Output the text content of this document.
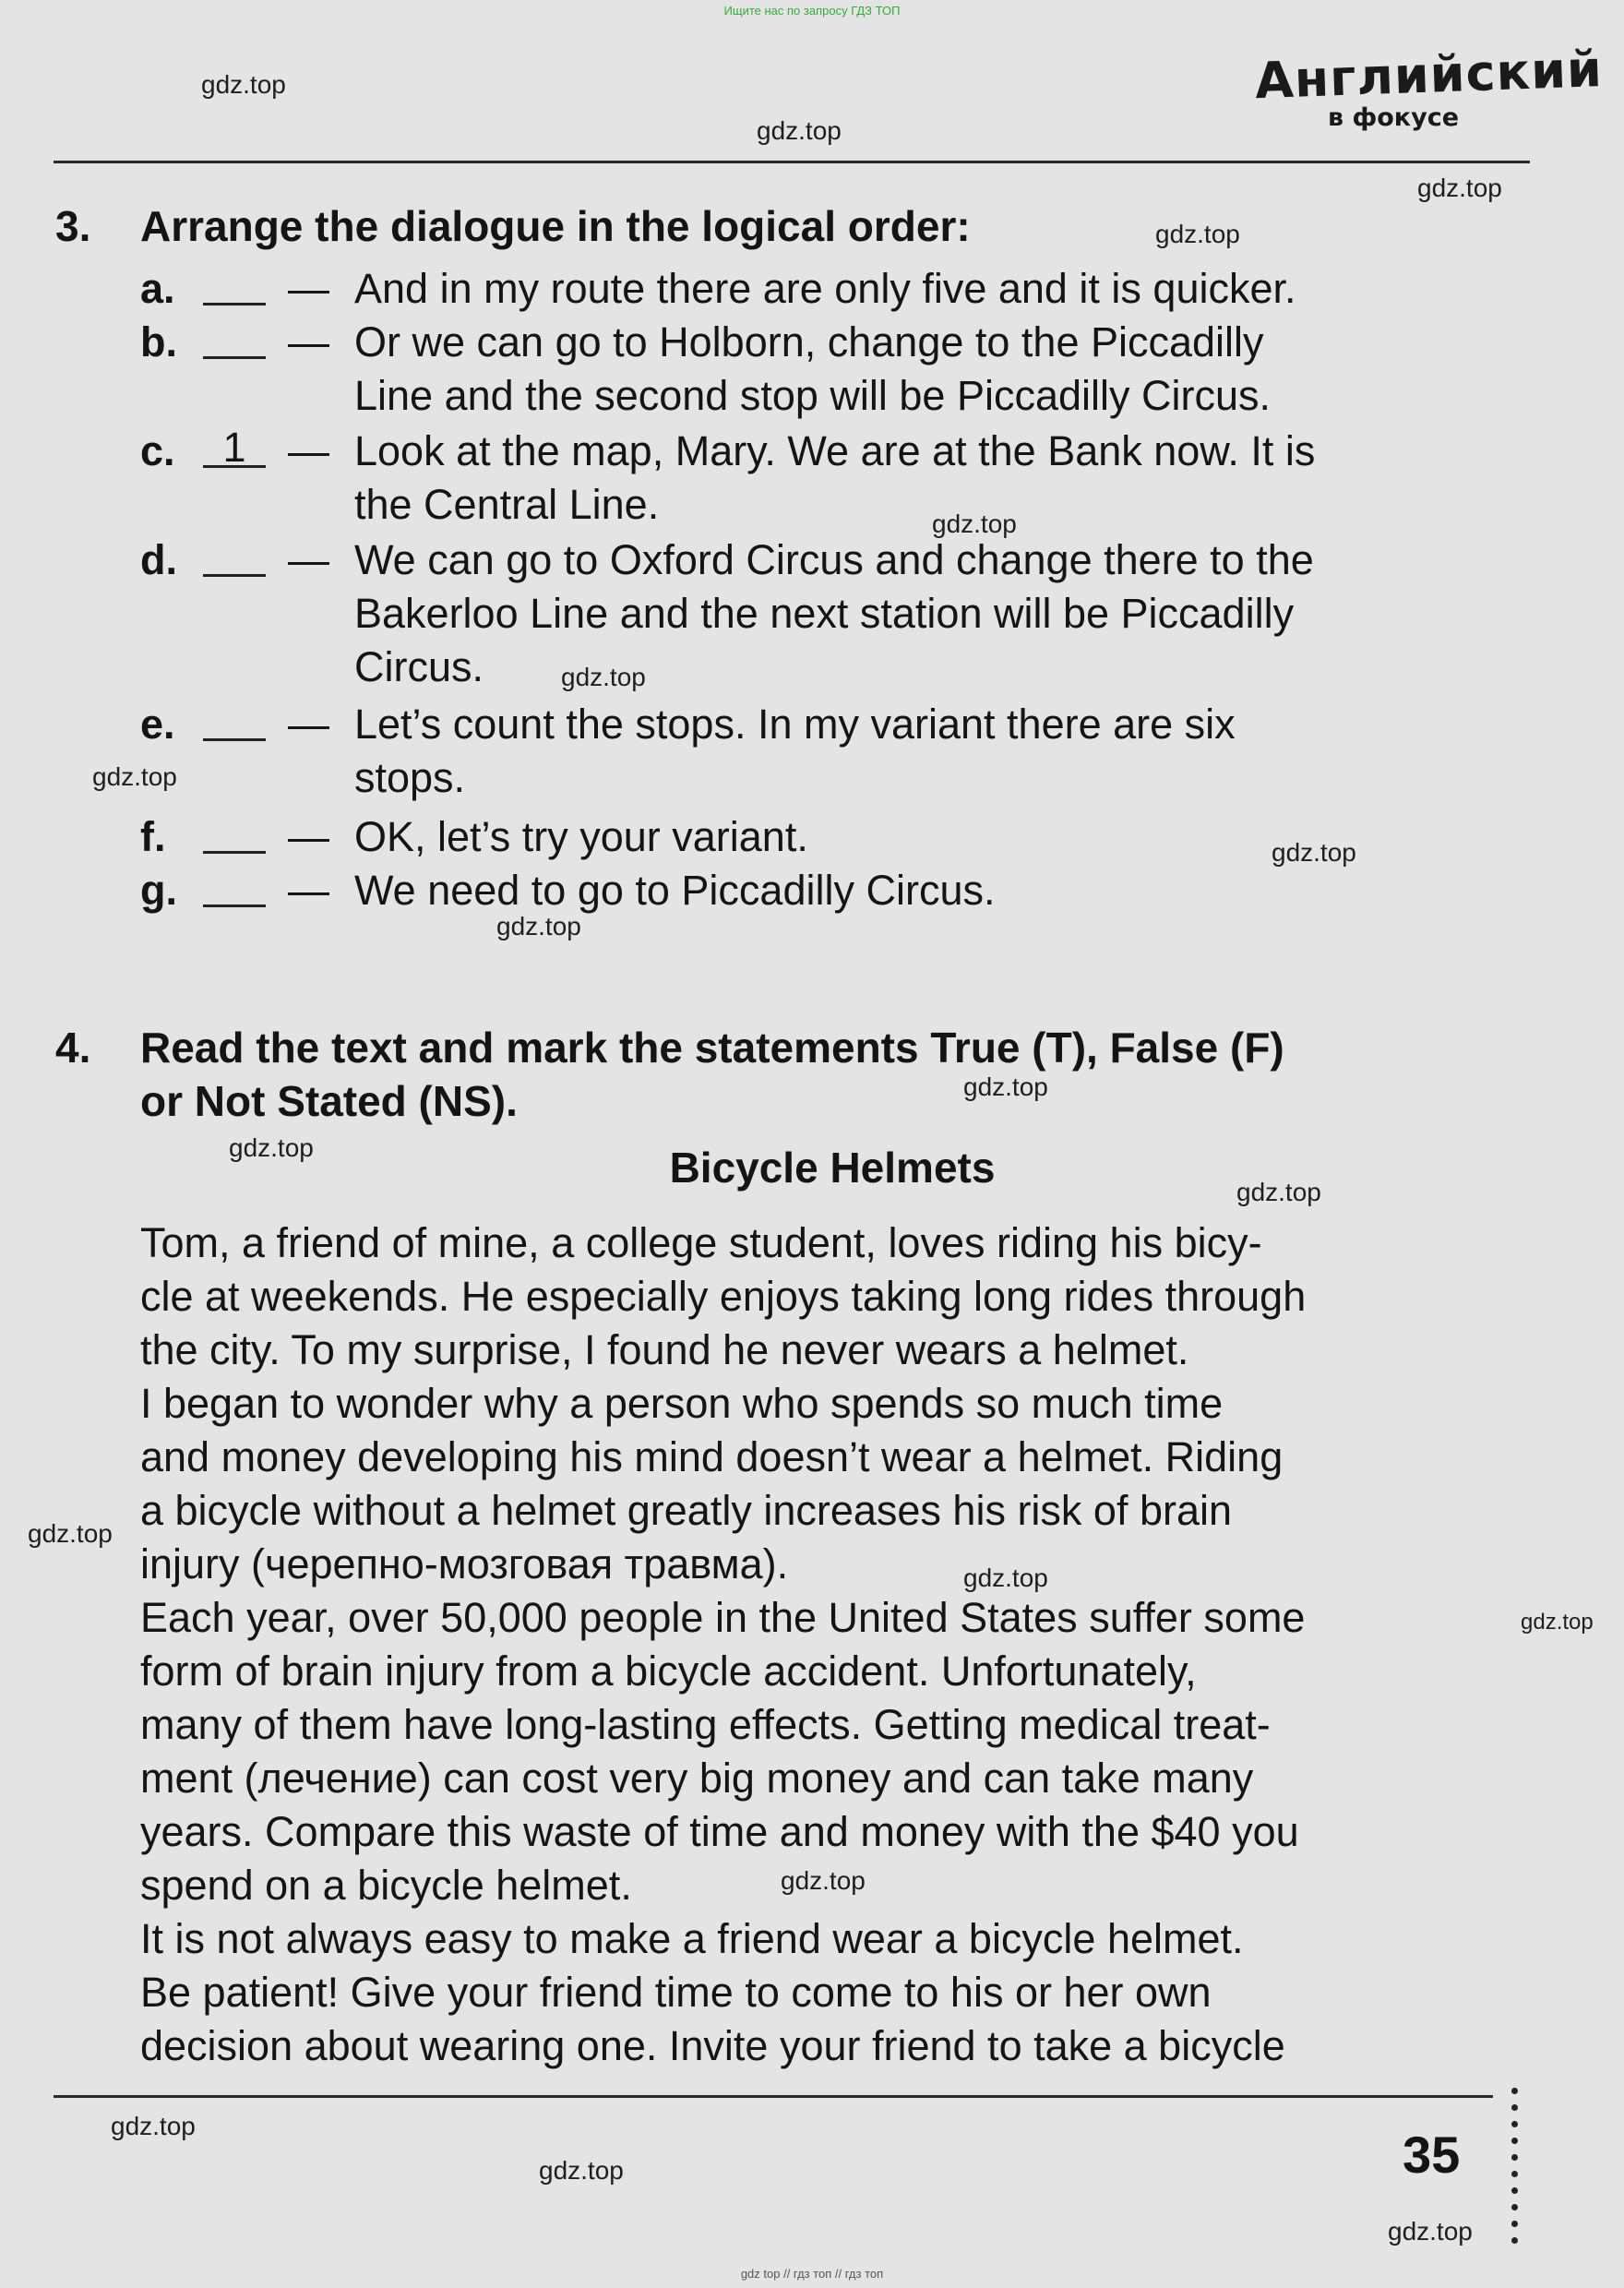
Ищите нас по запросу ГДЗ ТОП
Английский
в фокусе
gdz.top
gdz.top
gdz.top
gdz.top
gdz.top
gdz.top
gdz.top
gdz.top
gdz.top
gdz.top
gdz.top
gdz.top
gdz.top
gdz.top
gdz.top
gdz.top
gdz.top
gdz.top
gdz.top
3. Arrange the dialogue in the logical order:
a.	— And in my route there are only five and it is quicker.
b.	— Or we can go to Holborn, change to the Piccadilly
Line and the second stop will be Piccadilly Circus.
c.	1	— Look at the map, Mary. We are at the Bank now. It is
the Central Line.
d.	— We can go to Oxford Circus and change there to the
Bakerloo Line and the next station will be Piccadilly
Circus.
e.	— Let’s count the stops. In my variant there are six
stops.
f.	— OK, let’s try your variant.
g.	— We need to go to Piccadilly Circus.
4. Read the text and mark the statements True (T), False (F)
or Not Stated (NS).
Bicycle Helmets
Tom, a friend of mine, a college student, loves riding his bicy-
cle at weekends. He especially enjoys taking long rides through
the city. To my surprise, I found he never wears a helmet.
I began to wonder why a person who spends so much time
and money developing his mind doesn’t wear a helmet. Riding
a bicycle without a helmet greatly increases his risk of brain
injury (черепно-мозговая травма).
Each year, over 50,000 people in the United States suffer some
form of brain injury from a bicycle accident. Unfortunately,
many of them have long-lasting effects. Getting medical treat-
ment (лечение) can cost very big money and can take many
years. Compare this waste of time and money with the $40 you
spend on a bicycle helmet.
It is not always easy to make a friend wear a bicycle helmet.
Be patient! Give your friend time to come to his or her own
decision about wearing one. Invite your friend to take a bicycle
35
gdz top // гдз топ // гдз топ
